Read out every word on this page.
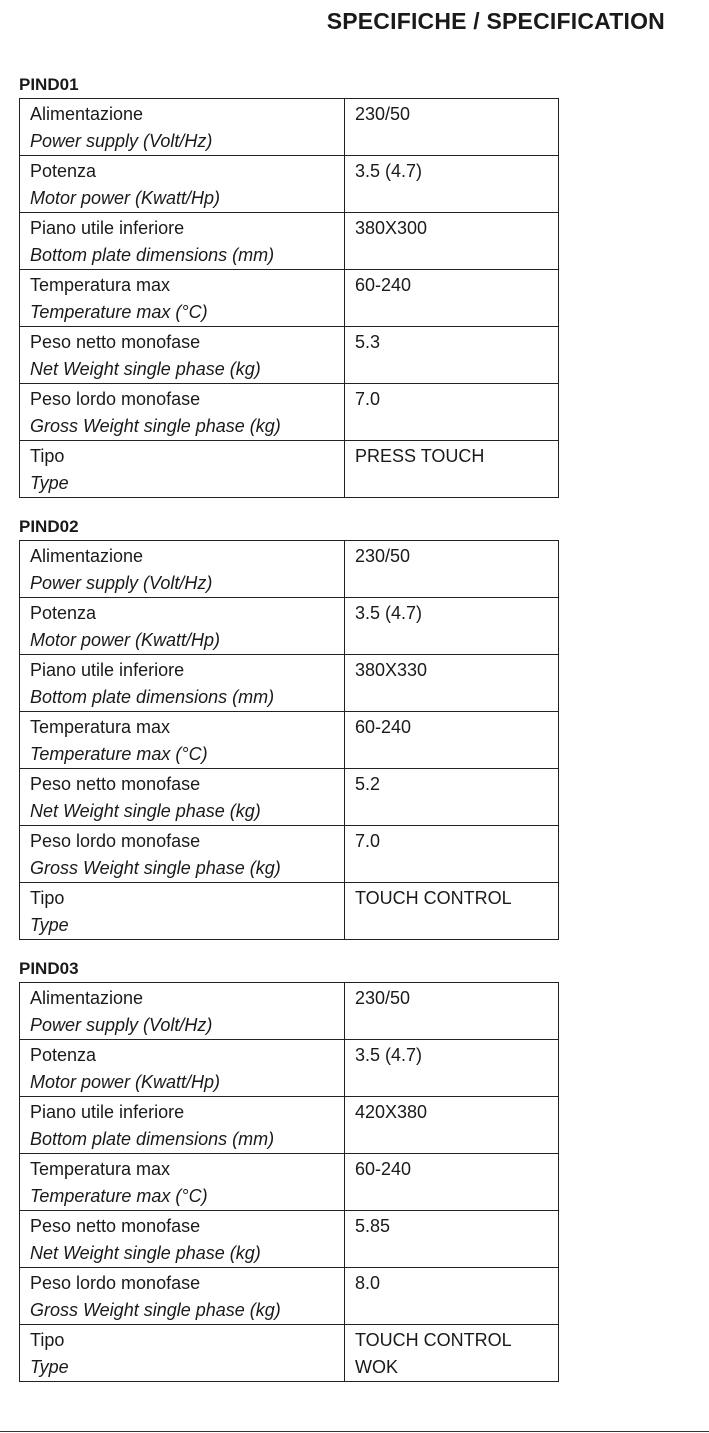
SPECIFICHE / SPECIFICATION
PIND01
Alimentazione
Power supply (Volt/Hz)	230/50

Potenza
Motor power (Kwatt/Hp)	3.5 (4.7)

Piano utile inferiore
Bottom plate dimensions (mm)	380X300

Temperatura max
Temperature max (°C)	60-240

Peso netto monofase
Net Weight single phase (kg)	5.3

Peso lordo monofase
Gross Weight single phase (kg)	7.0

Tipo
Type	PRESS TOUCH
PIND02
Alimentazione
Power supply (Volt/Hz)	230/50

Potenza
Motor power (Kwatt/Hp)	3.5 (4.7)

Piano utile inferiore
Bottom plate dimensions (mm)	380X330

Temperatura max
Temperature max (°C)	60-240

Peso netto monofase
Net Weight single phase (kg)	5.2

Peso lordo monofase
Gross Weight single phase (kg)	7.0

Tipo
Type	TOUCH CONTROL
PIND03
Alimentazione
Power supply (Volt/Hz)	230/50

Potenza
Motor power (Kwatt/Hp)	3.5 (4.7)

Piano utile inferiore
Bottom plate dimensions (mm)	420X380

Temperatura max
Temperature max (°C)	60-240

Peso netto monofase
Net Weight single phase (kg)	5.85

Peso lordo monofase
Gross Weight single phase (kg)	8.0

Tipo
Type	TOUCH CONTROL
WOK
